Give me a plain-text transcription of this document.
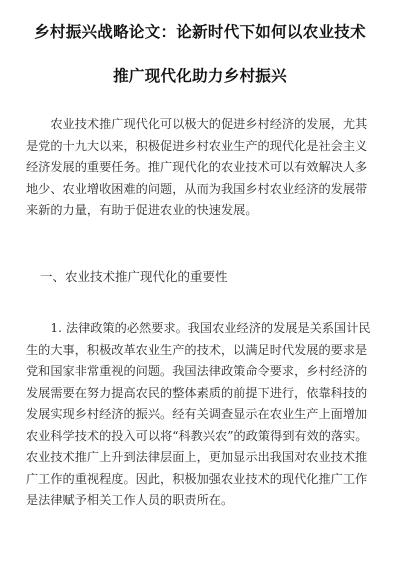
乡村振兴战略论文：论新时代下如何以农业技术
推广现代化助力乡村振兴
　　农业技术推广现代化可以极大的促进乡村经济的发展，尤其
是党的十九大以来，积极促进乡村农业生产的现代化是社会主义
经济发展的重要任务。推广现代化的农业技术可以有效解决人多
地少、农业增收困难的问题，从而为我国乡村农业经济的发展带
来新的力量，有助于促进农业的快速发展。
一、农业技术推广现代化的重要性
　　1. 法律政策的必然要求。我国农业经济的发展是关系国计民
生的大事，积极改革农业生产的技术，以满足时代发展的要求是
党和国家非常重视的问题。我国法律政策命令要求，乡村经济的
发展需要在努力提高农民的整体素质的前提下进行，依靠科技的
发展实现乡村经济的振兴。经有关调查显示在农业生产上面增加
农业科学技术的投入可以将“科教兴农”的政策得到有效的落实。
农业技术推广上升到法律层面上，更加显示出我国对农业技术推
广工作的重视程度。因此，积极加强农业技术的现代化推广工作
是法律赋予相关工作人员的职责所在。
